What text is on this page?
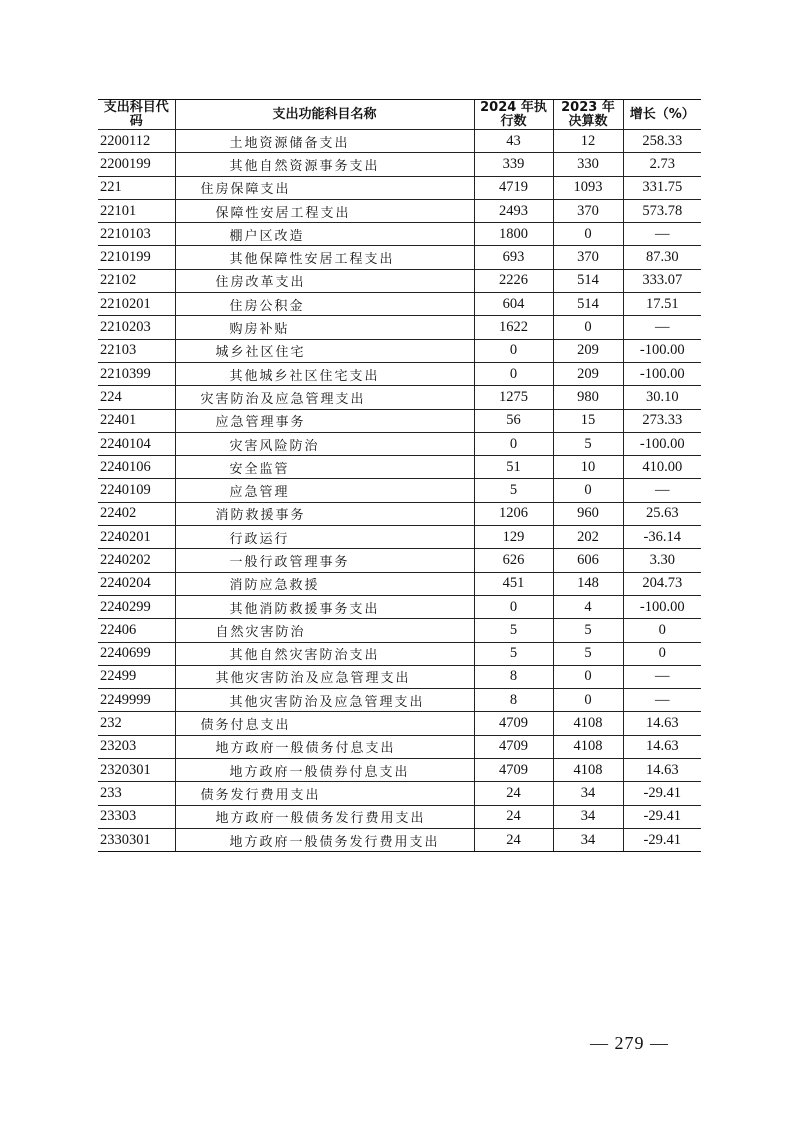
支出科目代码	支出功能科目名称	2024 年执行数	2023 年决算数	增长（%）
2200112	土地资源储备支出	43	12	258.33
2200199	其他自然资源事务支出	339	330	2.73
221	住房保障支出	4719	1093	331.75
22101	保障性安居工程支出	2493	370	573.78
2210103	棚户区改造	1800	0	—
2210199	其他保障性安居工程支出	693	370	87.30
22102	住房改革支出	2226	514	333.07
2210201	住房公积金	604	514	17.51
2210203	购房补贴	1622	0	—
22103	城乡社区住宅	0	209	-100.00
2210399	其他城乡社区住宅支出	0	209	-100.00
224	灾害防治及应急管理支出	1275	980	30.10
22401	应急管理事务	56	15	273.33
2240104	灾害风险防治	0	5	-100.00
2240106	安全监管	51	10	410.00
2240109	应急管理	5	0	—
22402	消防救援事务	1206	960	25.63
2240201	行政运行	129	202	-36.14
2240202	一般行政管理事务	626	606	3.30
2240204	消防应急救援	451	148	204.73
2240299	其他消防救援事务支出	0	4	-100.00
22406	自然灾害防治	5	5	0
2240699	其他自然灾害防治支出	5	5	0
22499	其他灾害防治及应急管理支出	8	0	—
2249999	其他灾害防治及应急管理支出	8	0	—
232	债务付息支出	4709	4108	14.63
23203	地方政府一般债务付息支出	4709	4108	14.63
2320301	地方政府一般债券付息支出	4709	4108	14.63
233	债务发行费用支出	24	34	-29.41
23303	地方政府一般债务发行费用支出	24	34	-29.41
2330301	地方政府一般债务发行费用支出	24	34	-29.41
— 279 —
